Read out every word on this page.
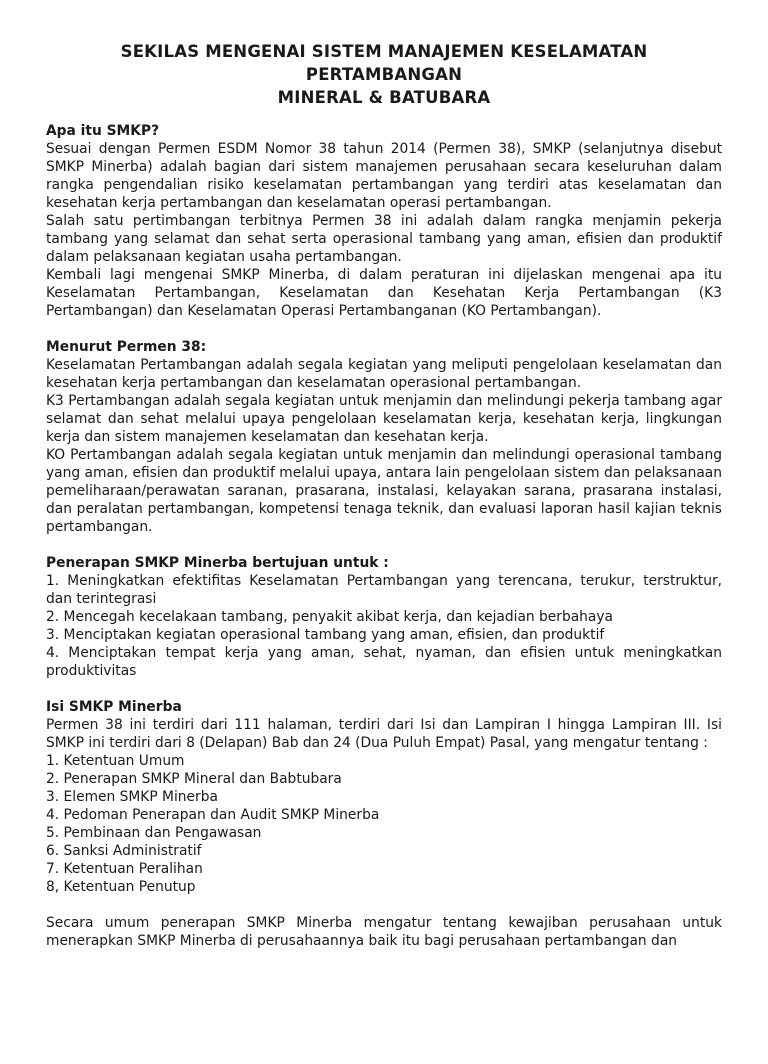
SEKILAS MENGENAI SISTEM MANAJEMEN KESELAMATAN
PERTAMBANGAN
MINERAL & BATUBARA
Apa itu SMKP?

Sesuai dengan Permen ESDM Nomor 38 tahun 2014 (Permen 38), SMKP (selanjutnya disebut SMKP Minerba) adalah bagian dari sistem manajemen perusahaan secara keseluruhan dalam rangka pengendalian risiko keselamatan pertambangan yang terdiri atas keselamatan dan kesehatan kerja pertambangan dan keselamatan operasi pertambangan.

Salah satu pertimbangan terbitnya Permen 38 ini adalah dalam rangka menjamin pekerja tambang yang selamat dan sehat serta operasional tambang yang aman, efisien dan produktif dalam pelaksanaan kegiatan usaha pertambangan.

Kembali lagi mengenai SMKP Minerba, di dalam peraturan ini dijelaskan mengenai apa itu Keselamatan Pertambangan, Keselamatan dan Kesehatan Kerja Pertambangan (K3 Pertambangan) dan Keselamatan Operasi Pertambanganan (KO Pertambangan).

Menurut Permen 38:

Keselamatan Pertambangan adalah segala kegiatan yang meliputi pengelolaan keselamatan dan kesehatan kerja pertambangan dan keselamatan operasional pertambangan.

K3 Pertambangan adalah segala kegiatan untuk menjamin dan melindungi pekerja tambang agar selamat dan sehat melalui upaya pengelolaan keselamatan kerja, kesehatan kerja, lingkungan kerja dan sistem manajemen keselamatan dan kesehatan kerja.

KO Pertambangan adalah segala kegiatan untuk menjamin dan melindungi operasional tambang yang aman, efisien dan produktif melalui upaya, antara lain pengelolaan sistem dan pelaksanaan pemeliharaan/perawatan saranan, prasarana, instalasi, kelayakan sarana, prasarana instalasi, dan peralatan pertambangan, kompetensi tenaga teknik, dan evaluasi laporan hasil kajian teknis pertambangan.

Penerapan SMKP Minerba bertujuan untuk :
1. Meningkatkan efektifitas Keselamatan Pertambangan yang terencana, terukur, terstruktur, dan terintegrasi
2. Mencegah kecelakaan tambang, penyakit akibat kerja, dan kejadian berbahaya
3. Menciptakan kegiatan operasional tambang yang aman, efisien, dan produktif
4. Menciptakan tempat kerja yang aman, sehat, nyaman, dan efisien untuk meningkatkan produktivitas
Isi SMKP Minerba

Permen 38 ini terdiri dari 111 halaman, terdiri dari Isi dan Lampiran I hingga Lampiran III. Isi SMKP ini terdiri dari 8 (Delapan) Bab dan 24 (Dua Puluh Empat) Pasal, yang mengatur tentang :

1. Ketentuan Umum
2. Penerapan SMKP Mineral dan Babtubara
3. Elemen SMKP Minerba
4. Pedoman Penerapan dan Audit SMKP Minerba
5. Pembinaan dan Pengawasan
6. Sanksi Administratif
7. Ketentuan Peralihan
8, Ketentuan Penutup

Secara umum penerapan SMKP Minerba mengatur tentang kewajiban perusahaan untuk menerapkan SMKP Minerba di perusahaannya baik itu bagi perusahaan pertambangan dan
